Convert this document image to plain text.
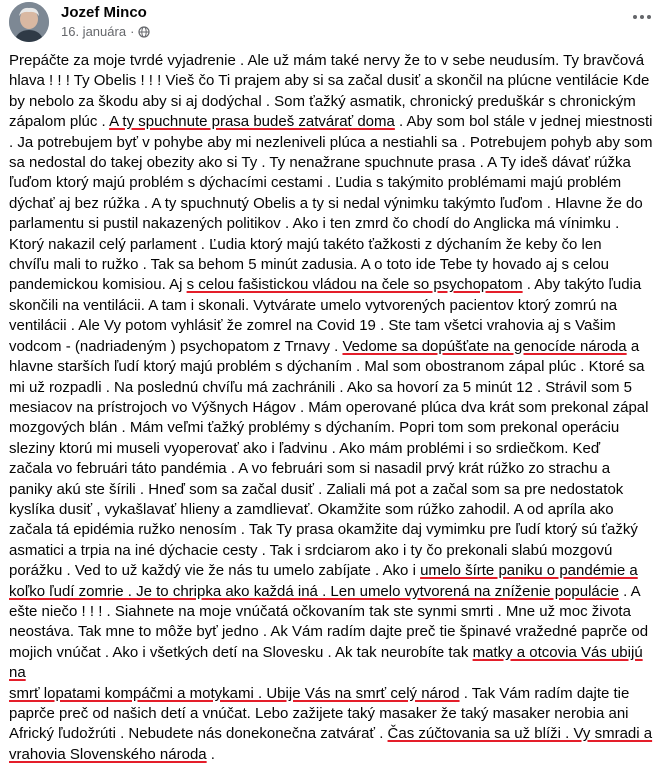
Jozef Minco
16. januára ·
Prepáčte za moje tvrdé vyjadrenie . Ale už mám také nervy že to v sebe neudusím. Ty bravčová
hlava ! ! ! Ty Obelis ! ! ! Vieš čo Ti prajem aby si sa začal dusiť a skončil na plúcne ventilácie Kde
by nebolo za škodu aby si aj dodýchal . Som ťažký asmatik, chronický preduškár s chronickým
zápalom plúc . A ty spuchnute prasa budeš zatvárať doma . Aby som bol stále v jednej miestnosti
. Ja potrebujem byť v pohybe aby mi nezleniveli plúca a nestiahli sa . Potrebujem pohyb aby som
sa nedostal do takej obezity ako si Ty . Ty nenažrane spuchnute prasa . A Ty ideš dávať rúžka
ľuďom ktorý majú problém s dýchacími cestami . Ľudia s takýmito problémami majú problém
dýchať aj bez rúžka . A ty spuchnutý Obelis a ty si nedal výnimku takýmto ľuďom . Hlavne že do
parlamentu si pustil nakazených politikov . Ako i ten zmrd čo chodí do Anglicka má vínimku .
Ktorý nakazil celý parlament . Ľudia ktorý majú takéto ťažkosti z dýchaním že keby čo len
chvíľu mali to ružko . Tak sa behom 5 minút zadusia. A o toto ide Tebe ty hovado aj s celou
pandemickou komisiou. Aj s celou fašistickou vládou na čele so psychopatom . Aby takýto ľudia
skončili na ventilácii. A tam i skonali. Vytvárate umelo vytvorených pacientov ktorý zomrú na
ventilácii . Ale Vy potom vyhlásiť že zomrel na Covid 19 . Ste tam všetci vrahovia aj s Vašim
vodcom - (nadriadeným ) psychopatom z Trnavy . Vedome sa dopúšťate na genocíde národa a
hlavne starších ľudí ktorý majú problém s dýchaním . Mal som obostranom zápal plúc . Ktoré sa
mi už rozpadli . Na poslednú chvíľu má zachránili . Ako sa hovorí za 5 minút 12 . Strávil som 5
mesiacov na prístrojoch vo Výšnych Hágov . Mám operované plúca dva krát som prekonal zápal
mozgových blán . Mám veľmi ťažký problémy s dýchaním. Popri tom som prekonal operáciu
sleziny ktorú mi museli vyoperovať ako i ľadvinu . Ako mám problémi i so srdiečkom. Keď
začala vo februári táto pandémia . A vo februári som si nasadil prvý krát rúžko zo strachu a
paniky akú ste šírili . Hneď som sa začal dusiť . Zaliali má pot a začal som sa pre nedostatok
kyslíka dusiť , vykašlavať hlieny a zamdlievať. Okamžite som rúžko zahodil. A od apríla ako
začala tá epidémia ružko nenosím . Tak Ty prasa okamžite daj vymimku pre ľudí ktorý sú ťažký
asmatici a trpia na iné dýchacie cesty . Tak i srdciarom ako i ty čo prekonali slabú mozgovú
porážku . Ved to už každý vie že nás tu umelo zabíjate . Ako i umelo šírte paniku o pandémie a
koľko ľudí zomrie . Je to chripka ako každá iná . Len umelo vytvorená na zníženie populácie . A
ešte niečo ! ! ! . Siahnete na moje vnúčatá očkovaním tak ste synmi smrti . Mne už moc života
neostáva. Tak mne to môže byť jedno . Ak Vám radím dajte preč tie špinavé vražedné paprče od
mojich vnúčat . Ako i všetkých detí na Slovesku . Ak tak neurobíte tak matky a otcovia Vás ubijú na
smrť lopatami kompáčmi a motykami . Ubije Vás na smrť celý národ . Tak Vám radím dajte tie
paprče preč od našich detí a vnúčat. Lebo zažijete taký masaker že taký masaker nerobia ani
Africký ľudožrúti . Nebudete nás donekonečna zatvárať . Čas zúčtovania sa už blíži . Vy smradi a
vrahovia Slovenského národa .
